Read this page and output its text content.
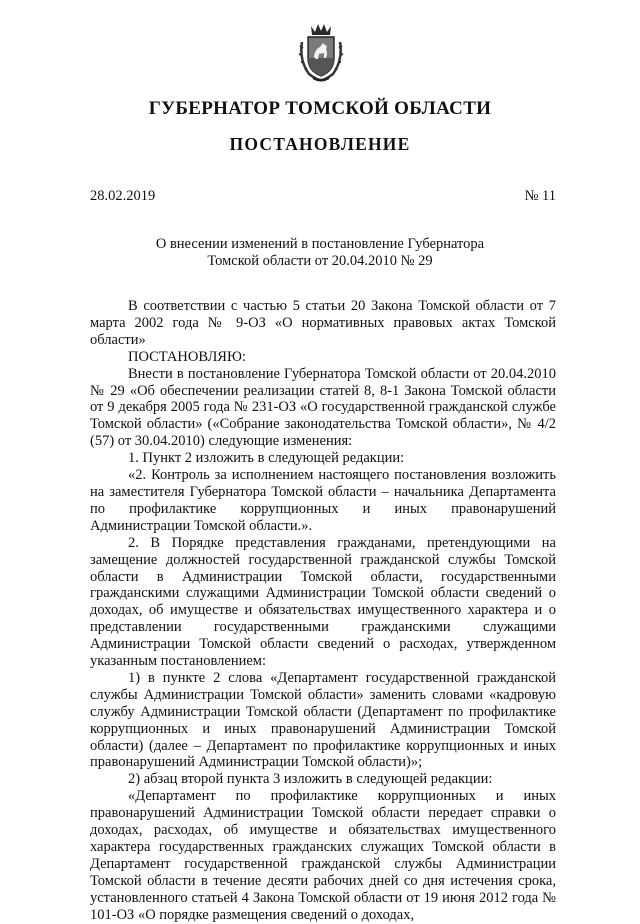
ГУБЕРНАТОР ТОМСКОЙ ОБЛАСТИ
ПОСТАНОВЛЕНИЕ
28.02.2019	№ 11
О внесении изменений в постановление Губернатора
Томской области от 20.04.2010 № 29

В соответствии с частью 5 статьи 20 Закона Томской области от 7 марта 2002 года № 9-ОЗ «О нормативных правовых актах Томской области»

ПОСТАНОВЛЯЮ:

Внести в постановление Губернатора Томской области от 20.04.2010 № 29 «Об обеспечении реализации статей 8, 8-1 Закона Томской области от 9 декабря 2005 года № 231-ОЗ «О государственной гражданской службе Томской области» («Собрание законодательства Томской области», № 4/2 (57) от 30.04.2010) следующие изменения:

1. Пункт 2 изложить в следующей редакции:

«2. Контроль за исполнением настоящего постановления возложить на заместителя Губернатора Томской области – начальника Департамента по профилактике коррупционных и иных правонарушений Администрации Томской области.».

2. В Порядке представления гражданами, претендующими на замещение должностей государственной гражданской службы Томской области в Администрации Томской области, государственными гражданскими служащими Администрации Томской области сведений о доходах, об имуществе и обязательствах имущественного характера и о представлении государственными гражданскими служащими Администрации Томской области сведений о расходах, утвержденном указанным постановлением:

1) в пункте 2 слова «Департамент государственной гражданской службы Администрации Томской области» заменить словами «кадровую службу Администрации Томской области (Департамент по профилактике коррупционных и иных правонарушений Администрации Томской области) (далее – Департамент по профилактике коррупционных и иных правонарушений Администрации Томской области)»;

2) абзац второй пункта 3 изложить в следующей редакции:

«Департамент по профилактике коррупционных и иных правонарушений Администрации Томской области передает справки о доходах, расходах, об имуществе и обязательствах имущественного характера государственных гражданских служащих Томской области в Департамент государственной гражданской службы Администрации Томской области в течение десяти рабочих дней со дня истечения срока, установленного статьей 4 Закона Томской области от 19 июня 2012 года № 101-ОЗ «О порядке размещения сведений о доходах,
